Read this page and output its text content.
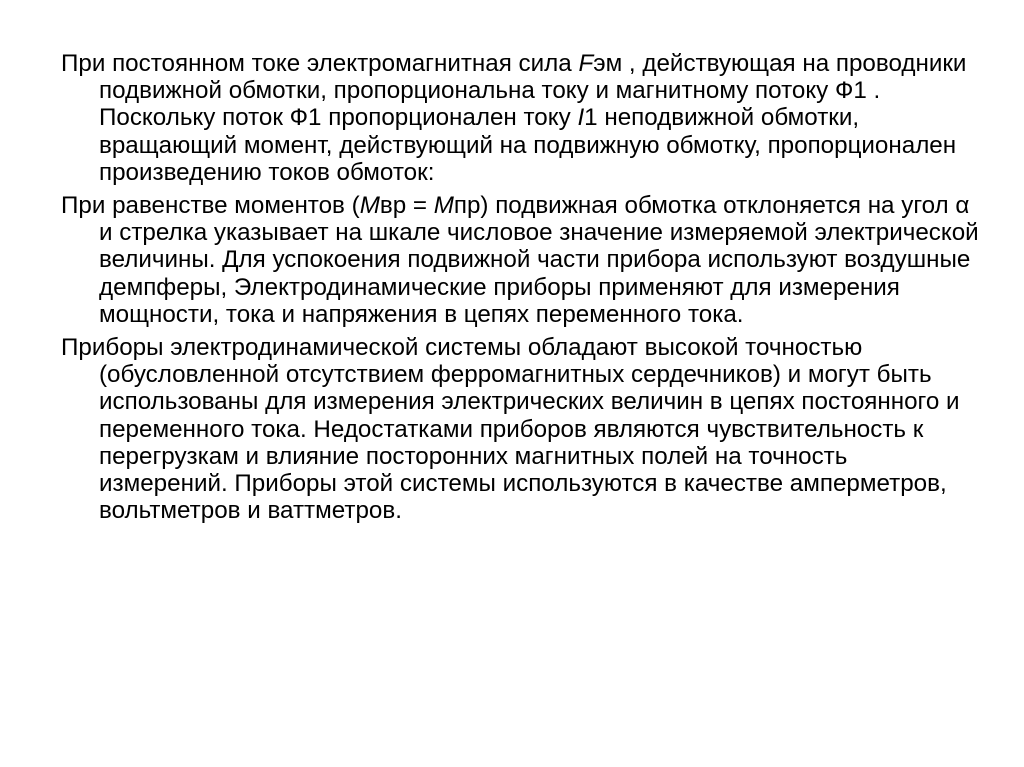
При постоянном токе электромагнитная сила Fэм , действующая на проводники подвижной обмотки, пропорциональна току и магнитному потоку Ф1 . Поскольку поток Ф1 пропорционален току I1 неподвижной обмотки, вращающий момент, действующий на подвижную обмотку, пропорционален произведению токов обмоток:

При равенстве моментов (Mвр = Mпр) подвижная обмотка отклоняется на угол α и стрелка указывает на шкале числовое значение измеряемой электрической величины. Для успокоения подвижной части прибора используют воздушные демпферы, Электродинамические приборы применяют для измерения мощности, тока и напряжения в цепях переменного тока.

Приборы электродинамической системы обладают высокой точностью (обусловленной отсутствием ферромагнитных сердечников) и могут быть использованы для измерения электрических величин в цепях постоянного и переменного тока. Недостатками приборов являются чувствительность к перегрузкам и влияние посторонних магнитных полей на точность измерений. Приборы этой системы используются в качестве амперметров, вольтметров и ваттметров.
